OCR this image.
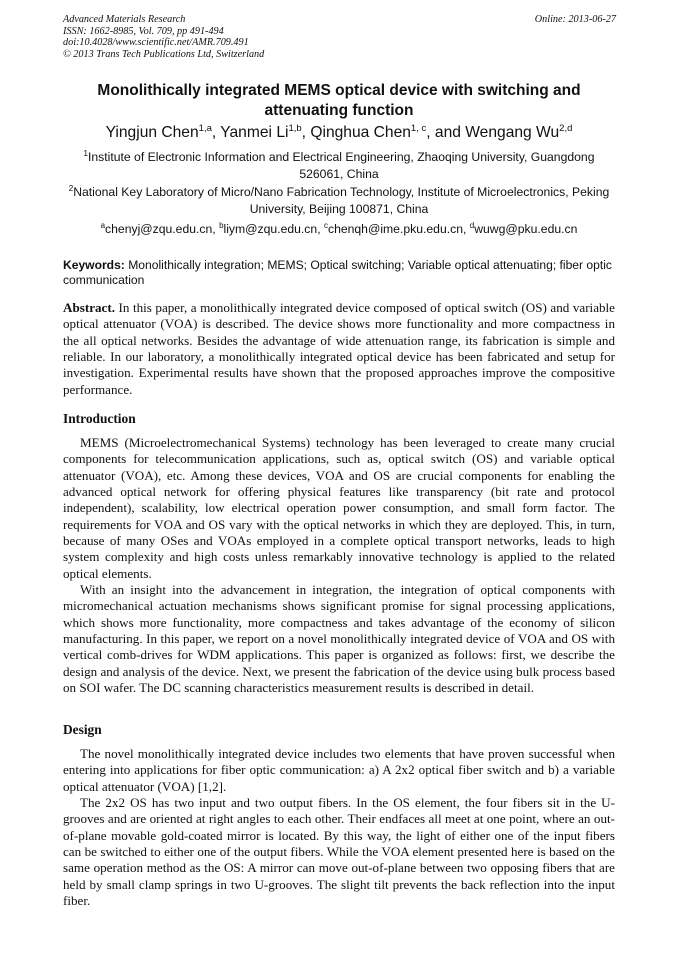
Advanced Materials Research
ISSN: 1662-8985, Vol. 709, pp 491-494
doi:10.4028/www.scientific.net/AMR.709.491
© 2013 Trans Tech Publications Ltd, Switzerland
Online: 2013-06-27
Monolithically integrated MEMS optical device with switching and attenuating function
Yingjun Chen$^{1,a}$, Yanmei Li$^{1,b}$, Qinghua Chen$^{1, c}$, and Wengang Wu$^{2,d}$
$^1$Institute of Electronic Information and Electrical Engineering, Zhaoqing University, Guangdong 526061, China
$^2$National Key Laboratory of Micro/Nano Fabrication Technology, Institute of Microelectronics, Peking University, Beijing 100871, China
$^a$chenyj@zqu.edu.cn, $^b$liym@zqu.edu.cn, $^c$chenqh@ime.pku.edu.cn, $^d$wuwg@pku.edu.cn
Keywords: Monolithically integration; MEMS; Optical switching; Variable optical attenuating; fiber optic communication
Abstract. In this paper, a monolithically integrated device composed of optical switch (OS) and variable optical attenuator (VOA) is described. The device shows more functionality and more compactness in the all optical networks. Besides the advantage of wide attenuation range, its fabrication is simple and reliable. In our laboratory, a monolithically integrated optical device has been fabricated and setup for investigation. Experimental results have shown that the proposed approaches improve the compositive performance.
Introduction

MEMS (Microelectromechanical Systems) technology has been leveraged to create many crucial components for telecommunication applications, such as, optical switch (OS) and variable optical attenuator (VOA), etc. Among these devices, VOA and OS are crucial components for enabling the advanced optical network for offering physical features like transparency (bit rate and protocol independent), scalability, low electrical operation power consumption, and small form factor. The requirements for VOA and OS vary with the optical networks in which they are deployed. This, in turn, because of many OSes and VOAs employed in a complete optical transport networks, leads to high system complexity and high costs unless remarkably innovative technology is applied to the related optical elements.

With an insight into the advancement in integration, the integration of optical components with micromechanical actuation mechanisms shows significant promise for signal processing applications, which shows more functionality, more compactness and takes advantage of the economy of silicon manufacturing. In this paper, we report on a novel monolithically integrated device of VOA and OS with vertical comb-drives for WDM applications. This paper is organized as follows: first, we describe the design and analysis of the device. Next, we present the fabrication of the device using bulk process based on SOI wafer. The DC scanning characteristics measurement results is described in detail.

Design

The novel monolithically integrated device includes two elements that have proven successful when entering into applications for fiber optic communication: a) A 2x2 optical fiber switch and b) a variable optical attenuator (VOA) [1,2].

The 2x2 OS has two input and two output fibers. In the OS element, the four fibers sit in the U-grooves and are oriented at right angles to each other. Their endfaces all meet at one point, where an out-of-plane movable gold-coated mirror is located. By this way, the light of either one of the input fibers can be switched to either one of the output fibers. While the VOA element presented here is based on the same operation method as the OS: A mirror can move out-of-plane between two opposing fibers that are held by small clamp springs in two U-grooves. The slight tilt prevents the back reflection into the input fiber.
